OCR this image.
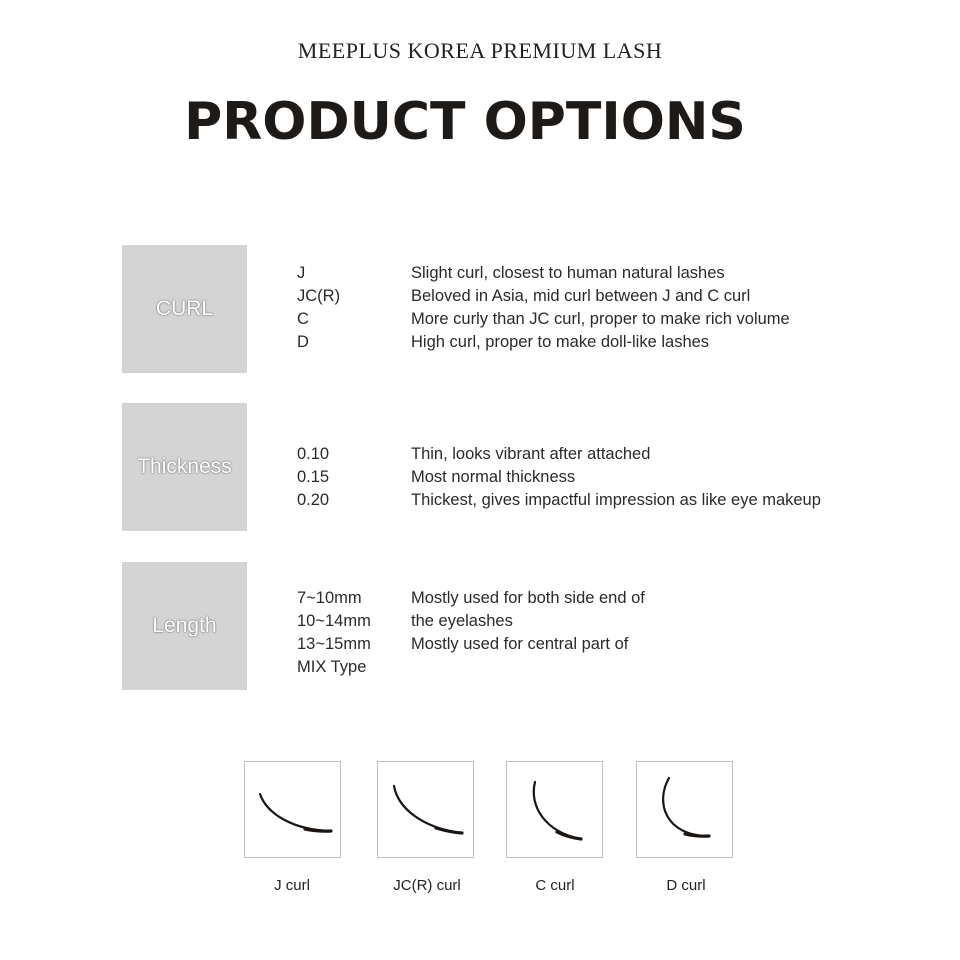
MEEPLUS KOREA PREMIUM LASH
PRODUCT OPTIONS
CURL
J	Slight curl, closest to human natural lashes
JC(R)	Beloved in Asia, mid curl between J and C curl
C	More curly than JC curl, proper to make rich volume
D	High curl, proper to make doll-like lashes
Thickness
0.10	Thin, looks vibrant after attached
0.15	Most normal thickness
0.20	Thickest, gives impactful impression as like eye makeup
Length
7~10mm	Mostly used for both side end of
10~14mm	the eyelashes
13~15mm	Mostly used for central part of
MIX Type
J curl	JC(R) curl	C curl	D curl
